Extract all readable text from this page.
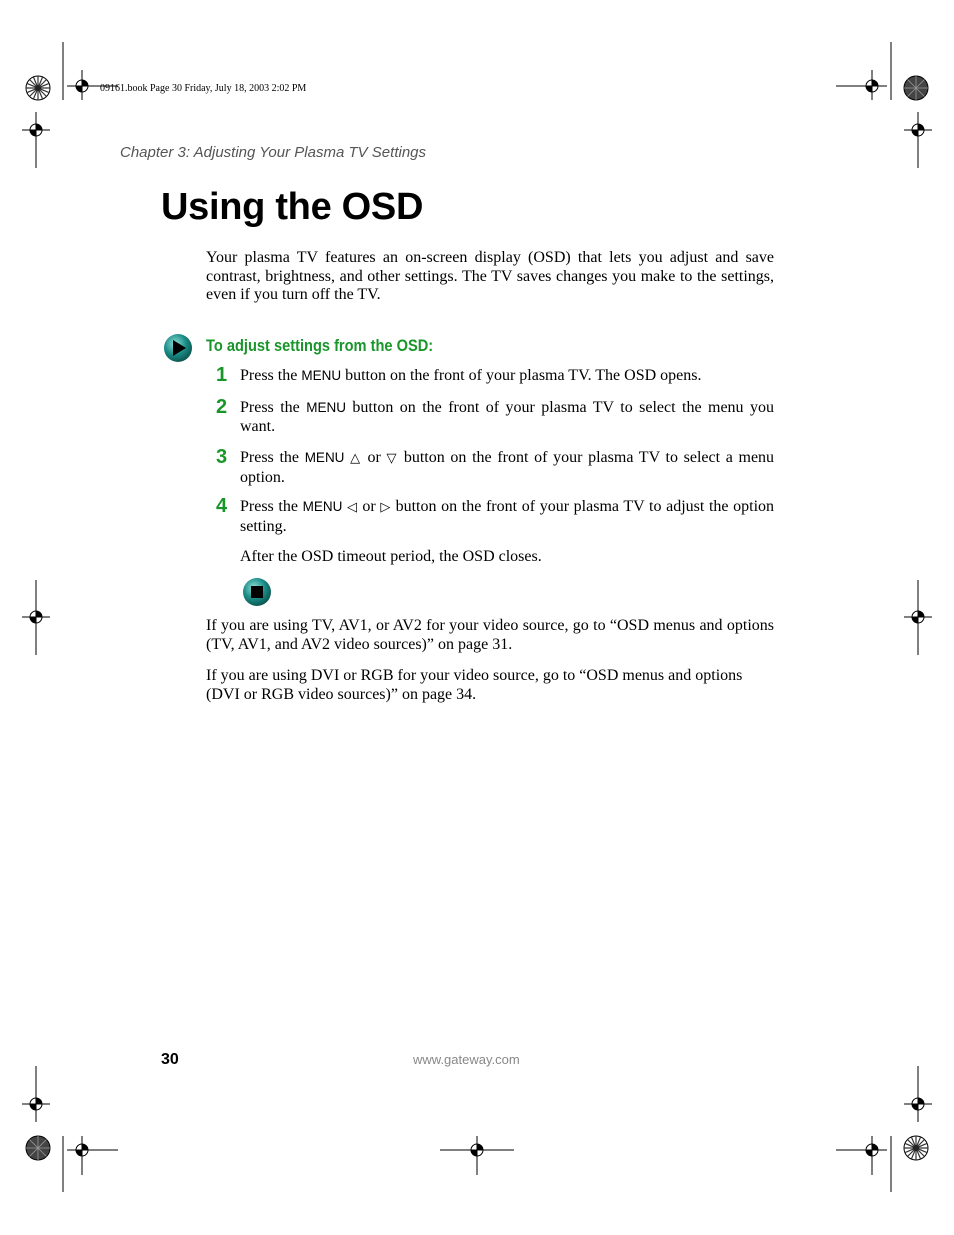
09161.book Page 30 Friday, July 18, 2003 2:02 PM
Chapter 3: Adjusting Your Plasma TV Settings
Using the OSD

Your plasma TV features an on-screen display (OSD) that lets you adjust and save contrast, brightness, and other settings. The TV saves changes you make to the settings, even if you turn off the TV.

To adjust settings from the OSD:
1 Press the MENU button on the front of your plasma TV. The OSD opens.

2 Press the MENU button on the front of your plasma TV to select the menu you want.

3 Press the MENU △ or ▽ button on the front of your plasma TV to select a menu option.

4 Press the MENU ◁ or ▷ button on the front of your plasma TV to adjust the option setting.

After the OSD timeout period, the OSD closes.

If you are using TV, AV1, or AV2 for your video source, go to “OSD menus and options (TV, AV1, and AV2 video sources)” on page 31.

If you are using DVI or RGB for your video source, go to “OSD menus and options (DVI or RGB video sources)” on page 34.

30	www.gateway.com
